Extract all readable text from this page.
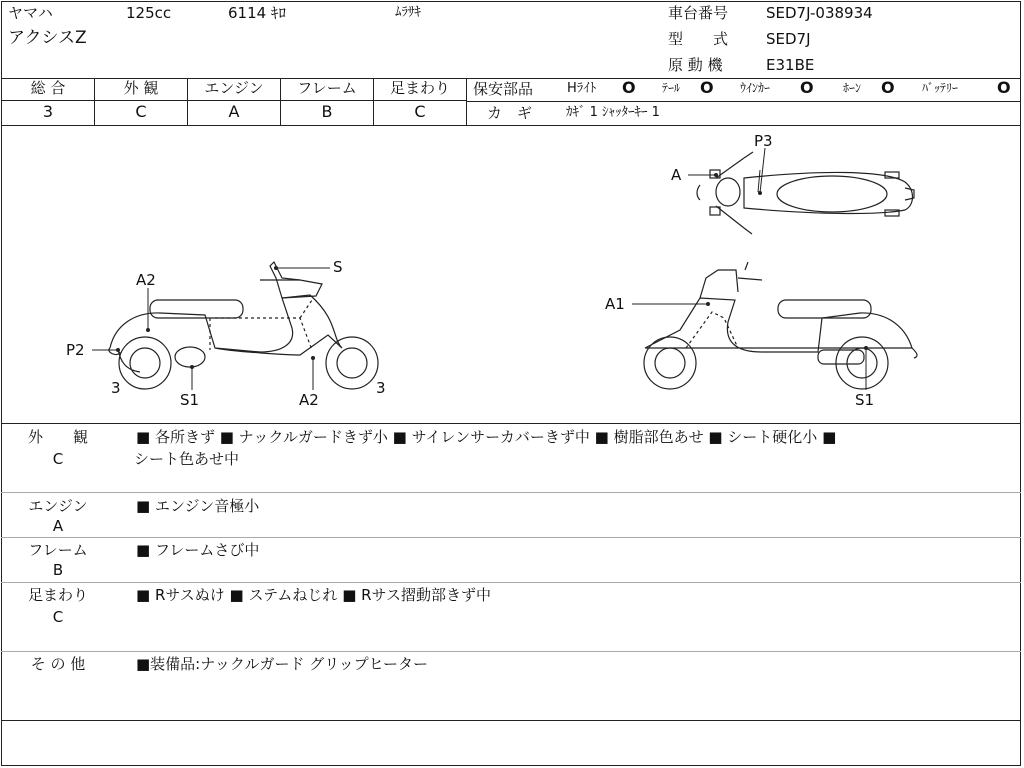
ヤマハ	125cc	6114 ｷﾛ	ﾑﾗｻｷ
アクシスZ
車台番号	SED7J-038934
型　　式	SED7J
原 動 機	E31BE
総 合	外 観	エンジン	フレーム	足まわり
3	C	A	B	C
保安部品	Hﾗｲﾄ O ﾃｰﾙ O ｳｲﾝｶｰ O ﾎｰﾝ O ﾊﾞｯﾃﾘｰ O
カ　ギ	ｶｷﾞ 1 ｼｬｯﾀｰｷｰ 1
P3
A
S
A2
P2
3
S1	A2
3
A1
S1
外　　観
C
■ 各所きず ■ ナックルガードきず小 ■ サイレンサーカバーきず中 ■ 樹脂部色あせ ■ シート硬化小 ■
シート色あせ中
エンジン
A
■ エンジン音極小
フレーム
B
■ フレームさび中
足まわり
C
■ Rサスぬけ ■ ステムねじれ ■ Rサス摺動部きず中
そ の 他	■装備品:ナックルガード グリップヒーター
